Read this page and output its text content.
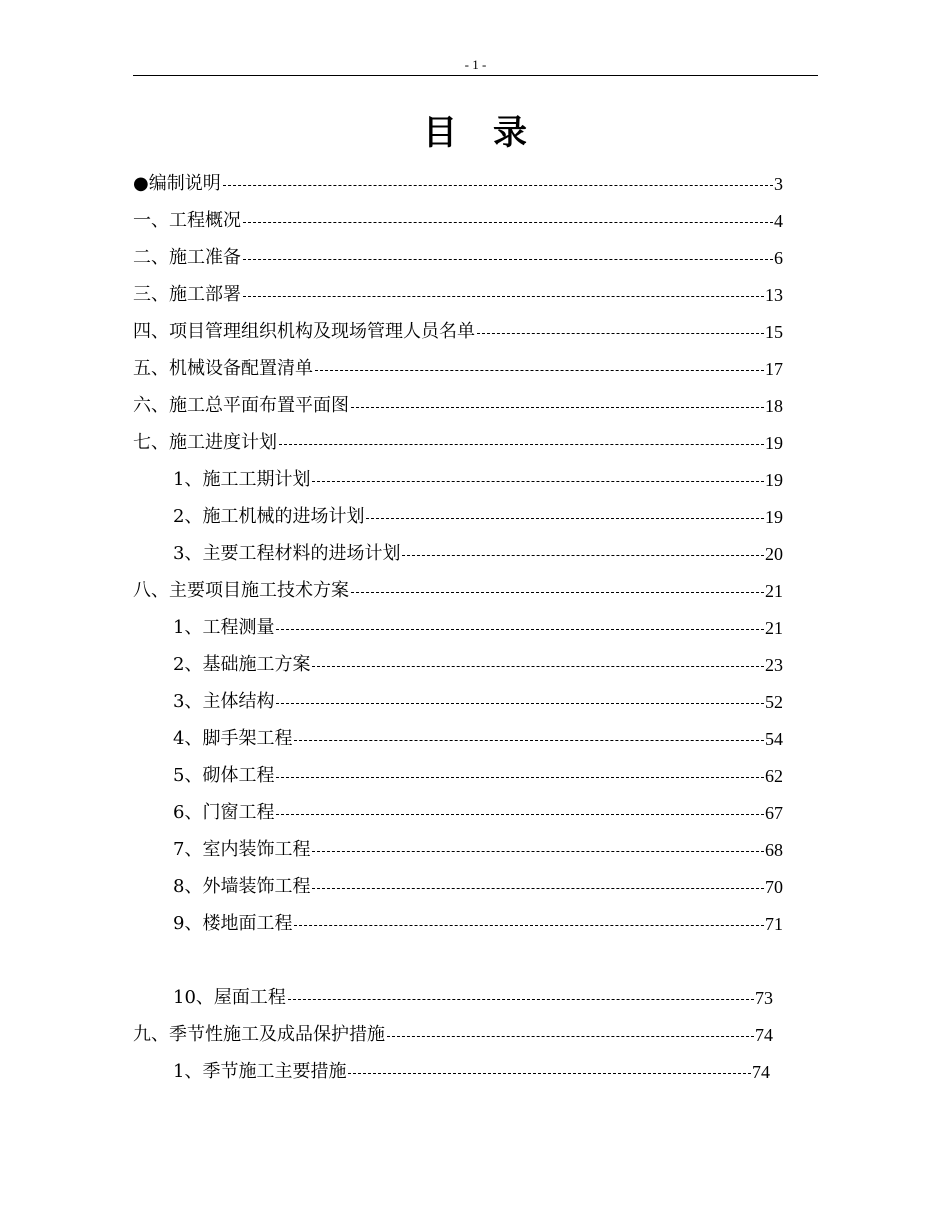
- 1 -
目录
●编制说明	3
一、工程概况	4
二、施工准备	6
三、施工部署	13
四、项目管理组织机构及现场管理人员名单	15
五、机械设备配置清单	17
六、施工总平面布置平面图	18
七、施工进度计划	19
1、施工工期计划	19
2、施工机械的进场计划	19
3、主要工程材料的进场计划	20
八、主要项目施工技术方案	21
1、工程测量	21
2、基础施工方案	23
3、主体结构	52
4、脚手架工程	54
5、砌体工程	62
6、门窗工程	67
7、室内装饰工程	68
8、外墙装饰工程	70
9、楼地面工程	71
10、屋面工程	73
九、季节性施工及成品保护措施	74
1、季节施工主要措施	74
